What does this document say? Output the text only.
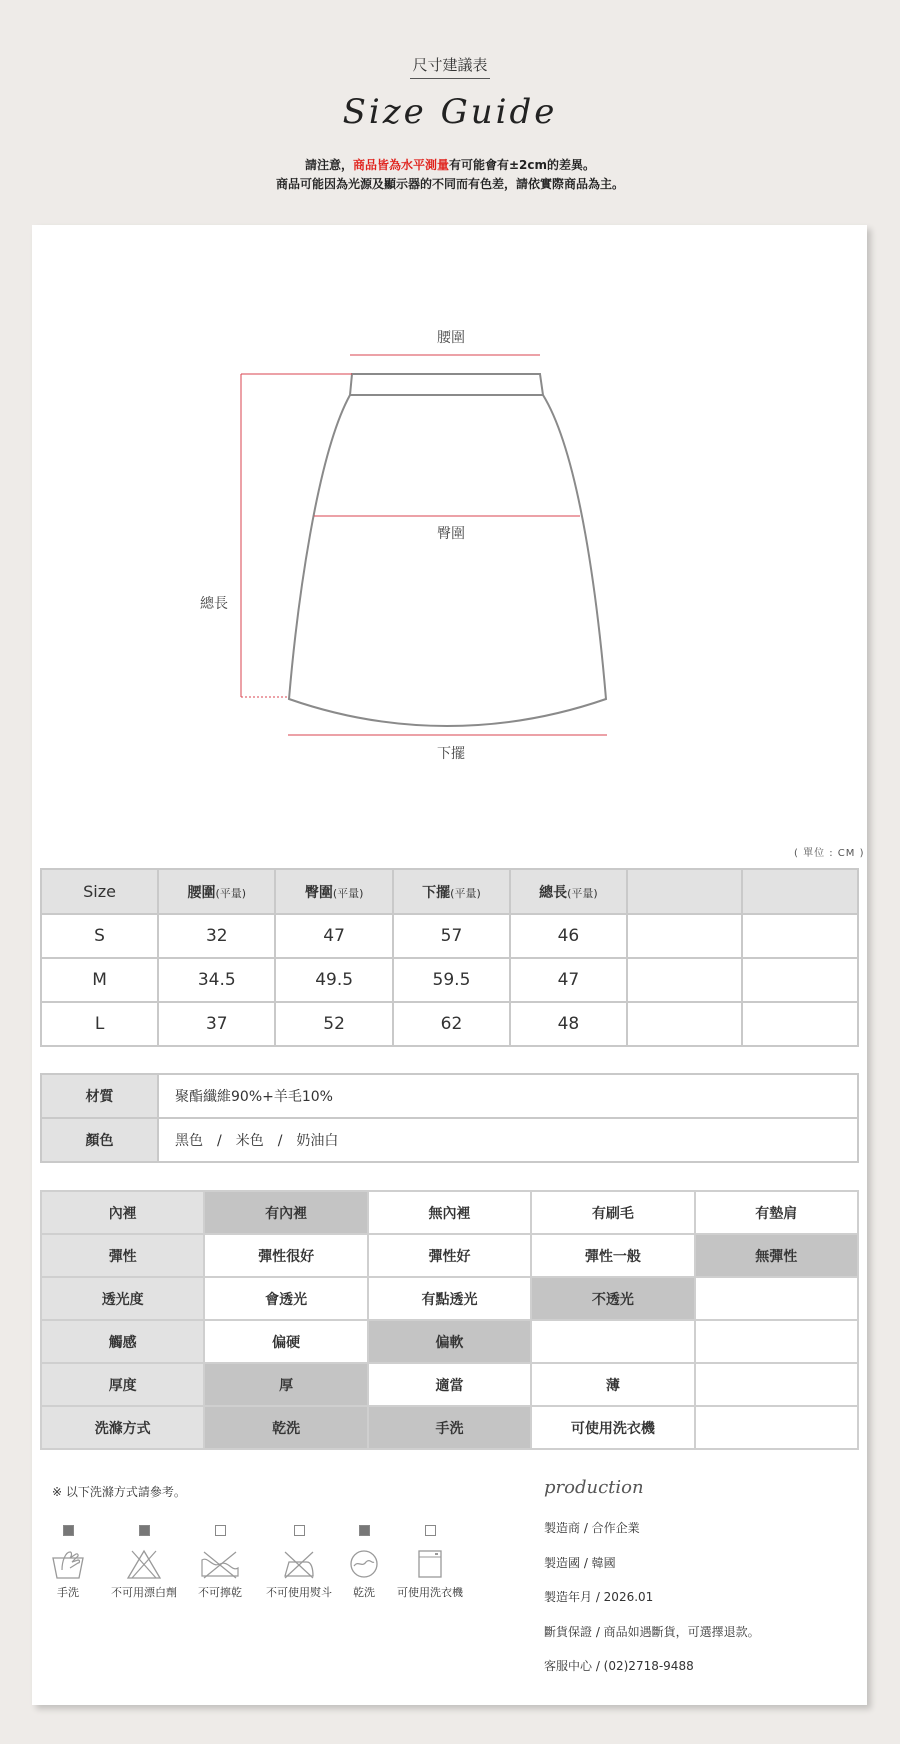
尺寸建議表
Size Guide
請注意，商品皆為水平測量有可能會有±2cm的差異。
商品可能因為光源及顯示器的不同而有色差，請依實際商品為主。
腰圍
臀圍
總長
下擺
( 單位 : CM )
Size	腰圍(平量)	臀圍(平量)	下擺(平量)	總長(平量)		
S	32	47	57	46		
M	34.5	49.5	59.5	47		
L	37	52	62	48		
材質	聚酯纖維90%+羊毛10%
顏色	黑色　/　米色　/　奶油白
內裡	有內裡	無內裡	有刷毛	有墊肩
彈性	彈性很好	彈性好	彈性一般	無彈性
透光度	會透光	有點透光	不透光	
觸感	偏硬	偏軟		
厚度	厚	適當	薄	
洗滌方式	乾洗	手洗	可使用洗衣機	
※ 以下洗滌方式請參考。
手洗	不可用漂白劑	不可擰乾	不可使用熨斗	乾洗	可使用洗衣機
production
製造商 / 合作企業
製造國 / 韓國
製造年月 / 2026.01
斷貨保證 / 商品如遇斷貨，可選擇退款。
客服中心 / (02)2718-9488
